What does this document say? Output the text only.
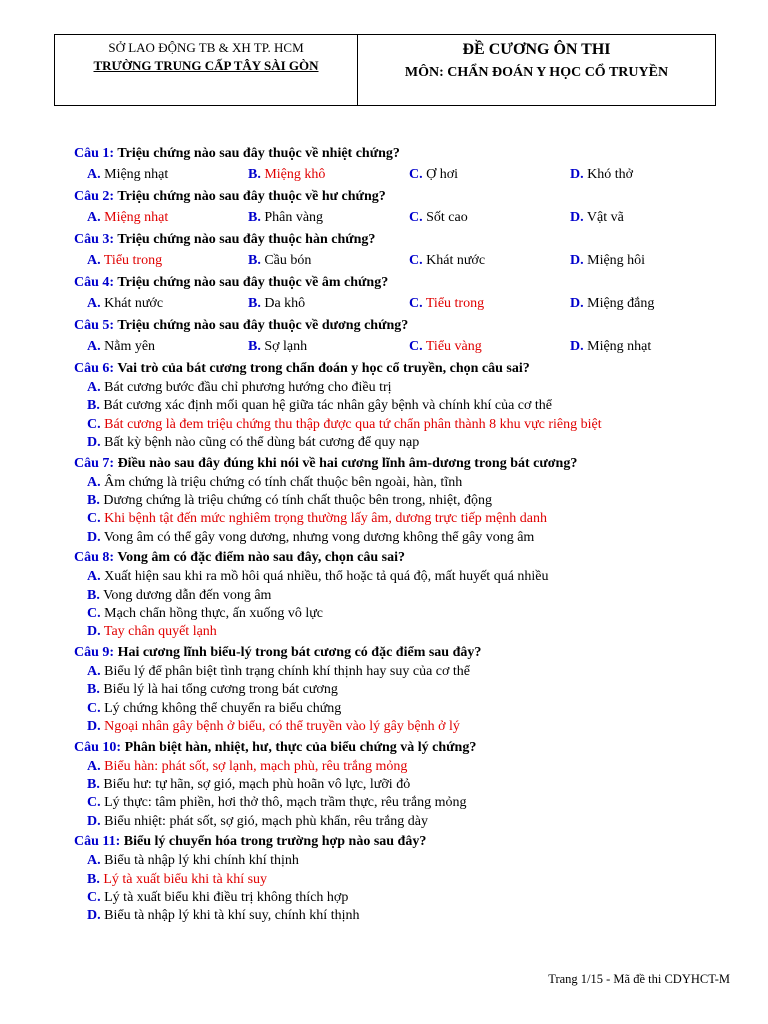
SỞ LAO ĐỘNG TB & XH TP. HCM
TRƯỜNG TRUNG CẤP TÂY SÀI GÒN
ĐỀ CƯƠNG ÔN THI
MÔN: CHẨN ĐOÁN Y HỌC CỔ TRUYỀN
Câu 1: Triệu chứng nào sau đây thuộc về nhiệt chứng?
A. Miệng nhạt	B. Miệng khô	C. Ợ hơi	D. Khó thở
Câu 2: Triệu chứng nào sau đây thuộc về hư chứng?
A. Miệng nhạt	B. Phân vàng	C. Sốt cao	D. Vật vã
Câu 3: Triệu chứng nào sau đây thuộc hàn chứng?
A. Tiểu trong	B. Cầu bón	C. Khát nước	D. Miệng hôi
Câu 4: Triệu chứng nào sau đây thuộc về âm chứng?
A. Khát nước	B. Da khô	C. Tiểu trong	D. Miệng đắng
Câu 5: Triệu chứng nào sau đây thuộc về dương chứng?
A. Nằm yên	B. Sợ lạnh	C. Tiểu vàng	D. Miệng nhạt
Câu 6: Vai trò của bát cương trong chẩn đoán y học cổ truyền, chọn câu sai?
A. Bát cương bước đầu chỉ phương hướng cho điều trị
B. Bát cương xác định mối quan hệ giữa tác nhân gây bệnh và chính khí của cơ thể
C. Bát cương là đem triệu chứng thu thập được qua tứ chẩn phân thành 8 khu vực riêng biệt
D. Bất kỳ bệnh nào cũng có thể dùng bát cương để quy nạp
Câu 7: Điều nào sau đây đúng khi nói về hai cương lĩnh âm-dương trong bát cương?
A. Âm chứng là triệu chứng có tính chất thuộc bên ngoài, hàn, tĩnh
B. Dương chứng là triệu chứng có tính chất thuộc bên trong, nhiệt, động
C. Khi bệnh tật đến mức nghiêm trọng thường lấy âm, dương trực tiếp mệnh danh
D. Vong âm có thể gây vong dương, nhưng vong dương không thể gây vong âm
Câu 8: Vong âm có đặc điểm nào sau đây, chọn câu sai?
A. Xuất hiện sau khi ra mồ hôi quá nhiều, thổ hoặc tả quá độ, mất huyết quá nhiều
B. Vong dương dẫn đến vong âm
C. Mạch chẩn hồng thực, ấn xuống vô lực
D. Tay chân quyết lạnh
Câu 9: Hai cương lĩnh biểu-lý trong bát cương có đặc điểm sau đây?
A. Biểu lý để phân biệt tình trạng chính khí thịnh hay suy của cơ thể
B. Biểu lý là hai tổng cương trong bát cương
C. Lý chứng không thể chuyển ra biểu chứng
D. Ngoại nhân gây bệnh ở biểu, có thể truyền vào lý gây bệnh ở lý
Câu 10: Phân biệt hàn, nhiệt, hư, thực của biểu chứng và lý chứng?
A. Biểu hàn: phát sốt, sợ lạnh, mạch phù, rêu trắng mỏng
B. Biểu hư: tự hãn, sợ gió, mạch phù hoãn vô lực, lưỡi đỏ
C. Lý thực: tâm phiền, hơi thở thô, mạch trầm thực, rêu trắng mỏng
D. Biểu nhiệt: phát sốt, sợ gió, mạch phù khẩn, rêu trắng dày
Câu 11: Biểu lý chuyển hóa trong trường hợp nào sau đây?
A. Biểu tà nhập lý khi chính khí thịnh
B. Lý tà xuất biểu khi tà khí suy
C. Lý tà xuất biểu khi điều trị không thích hợp
D. Biểu tà nhập lý khi tà khí suy, chính khí thịnh
Trang 1/15 - Mã đề thi CDYHCT-M
